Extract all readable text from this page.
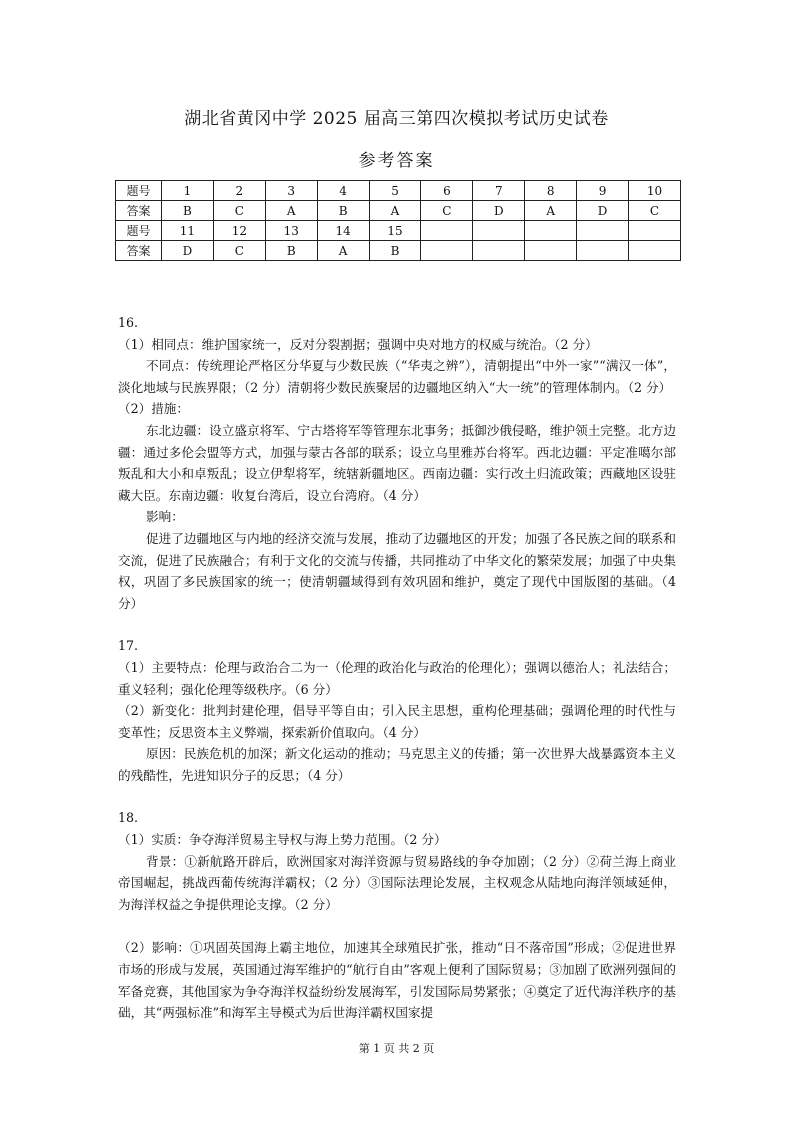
湖北省黄冈中学 2025 届高三第四次模拟考试历史试卷
参考答案
题号	1	2	3	4	5	6	7	8	9	10
答案	B	C	A	B	A	C	D	A	D	C
题号	11	12	13	14	15					
答案	D	C	B	A	B					

16.

（1）相同点：维护国家统一，反对分裂割据；强调中央对地方的权威与统治。（2 分）

不同点：传统理论严格区分华夏与少数民族（“华夷之辨”），清朝提出“中外一家”“满汉一体”，淡化地域与民族界限；（2 分）清朝将少数民族聚居的边疆地区纳入“大一统”的管理体制内。（2 分）

（2）措施：

东北边疆：设立盛京将军、宁古塔将军等管理东北事务；抵御沙俄侵略，维护领土完整。北方边疆：通过多伦会盟等方式，加强与蒙古各部的联系；设立乌里雅苏台将军。西北边疆：平定准噶尔部叛乱和大小和卓叛乱；设立伊犁将军，统辖新疆地区。西南边疆：实行改土归流政策；西藏地区设驻藏大臣。东南边疆：收复台湾后，设立台湾府。（4 分）

影响：

促进了边疆地区与内地的经济交流与发展，推动了边疆地区的开发；加强了各民族之间的联系和交流，促进了民族融合；有利于文化的交流与传播，共同推动了中华文化的繁荣发展；加强了中央集权，巩固了多民族国家的统一；使清朝疆域得到有效巩固和维护，奠定了现代中国版图的基础。（4 分）

17.

（1）主要特点：伦理与政治合二为一（伦理的政治化与政治的伦理化）；强调以德治人；礼法结合；重义轻利；强化伦理等级秩序。（6 分）

（2）新变化：批判封建伦理，倡导平等自由；引入民主思想，重构伦理基础；强调伦理的时代性与变革性；反思资本主义弊端，探索新价值取向。（4 分）

原因：民族危机的加深；新文化运动的推动；马克思主义的传播；第一次世界大战暴露资本主义的残酷性，先进知识分子的反思；（4 分）

18.

（1）实质：争夺海洋贸易主导权与海上势力范围。（2 分）

背景：①新航路开辟后，欧洲国家对海洋资源与贸易路线的争夺加剧；（2 分）②荷兰海上商业帝国崛起，挑战西葡传统海洋霸权；（2 分）③国际法理论发展，主权观念从陆地向海洋领域延伸，为海洋权益之争提供理论支撑。（2 分）

（2）影响：①巩固英国海上霸主地位，加速其全球殖民扩张，推动“日不落帝国”形成；②促进世界市场的形成与发展，英国通过海军维护的“航行自由”客观上便利了国际贸易；③加剧了欧洲列强间的军备竞赛，其他国家为争夺海洋权益纷纷发展海军，引发国际局势紧张；④奠定了近代海洋秩序的基础，其“两强标准”和海军主导模式为后世海洋霸权国家提

第 1 页 共 2 页
